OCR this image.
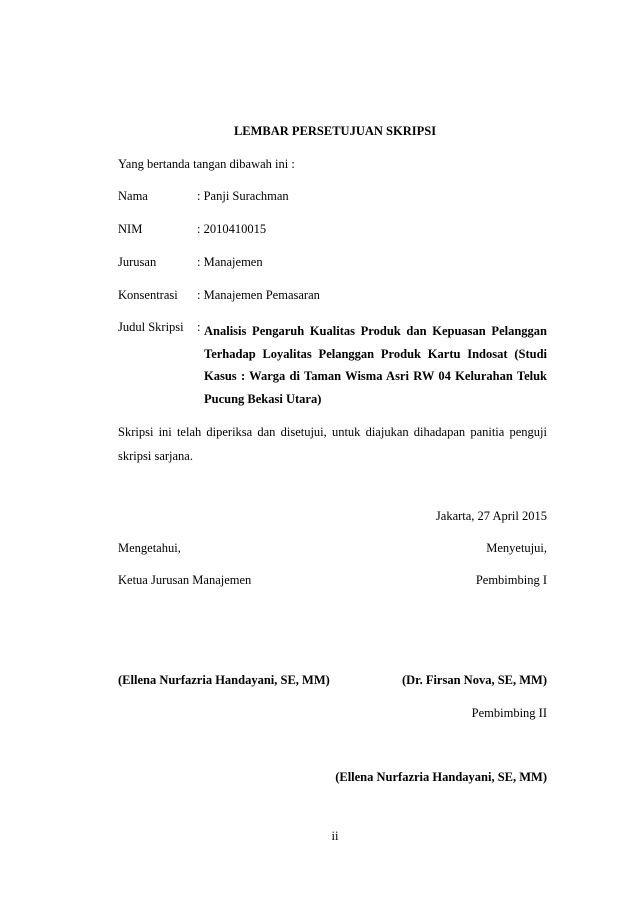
LEMBAR PERSETUJUAN SKRIPSI
Yang bertanda tangan dibawah ini :
Nama	: Panji Surachman
NIM	: 2010410015
Jurusan	: Manajemen
Konsentrasi : Manajemen Pemasaran
Judul Skripsi : Analisis Pengaruh Kualitas Produk dan Kepuasan Pelanggan
Terhadap Loyalitas Pelanggan Produk Kartu Indosat (Studi
Kasus : Warga di Taman Wisma Asri RW 04 Kelurahan Teluk
Pucung Bekasi Utara)
Skripsi ini telah diperiksa dan disetujui, untuk diajukan dihadapan panitia penguji
skripsi sarjana.
Jakarta, 27 April 2015
Mengetahui,	Menyetujui,
Ketua Jurusan Manajemen	Pembimbing I
(Ellena Nurfazria Handayani, SE, MM)	(Dr. Firsan Nova, SE, MM)
Pembimbing II
(Ellena Nurfazria Handayani, SE, MM)
ii
